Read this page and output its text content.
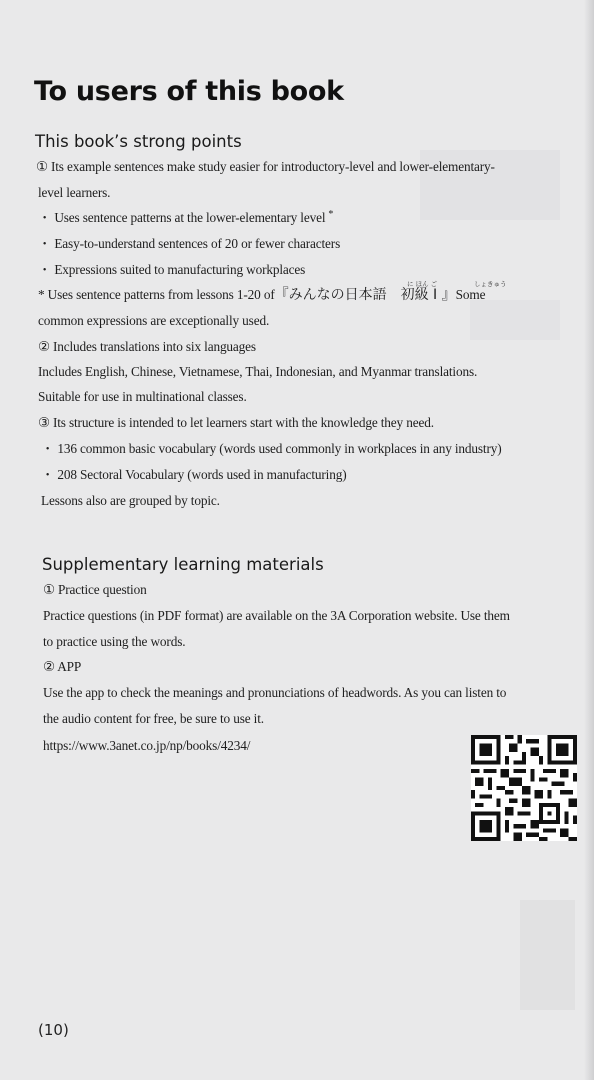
To users of this book
This book’s strong points
① Its example sentences make study easier for introductory-level and lower-elementary-
level learners.
・ Uses sentence patterns at the lower-elementary level *
・ Easy-to-understand sentences of 20 or fewer characters
・ Expressions suited to manufacturing workplaces
に ほん ご	しょきゅう
* Uses sentence patterns from lessons 1-20 of『みんなの日本語　初級 I 』Some
common expressions are exceptionally used.
② Includes translations into six languages
Includes English, Chinese, Vietnamese, Thai, Indonesian, and Myanmar translations.
Suitable for use in multinational classes.
③ Its structure is intended to let learners start with the knowledge they need.
・ 136 common basic vocabulary (words used commonly in workplaces in any industry)
・ 208 Sectoral Vocabulary (words used in manufacturing)
Lessons also are grouped by topic.
Supplementary learning materials
① Practice question
Practice questions (in PDF format) are available on the 3A Corporation website. Use them
to practice using the words.
② APP
Use the app to check the meanings and pronunciations of headwords. As you can listen to
the audio content for free, be sure to use it.
https://www.3anet.co.jp/np/books/4234/
(10)
